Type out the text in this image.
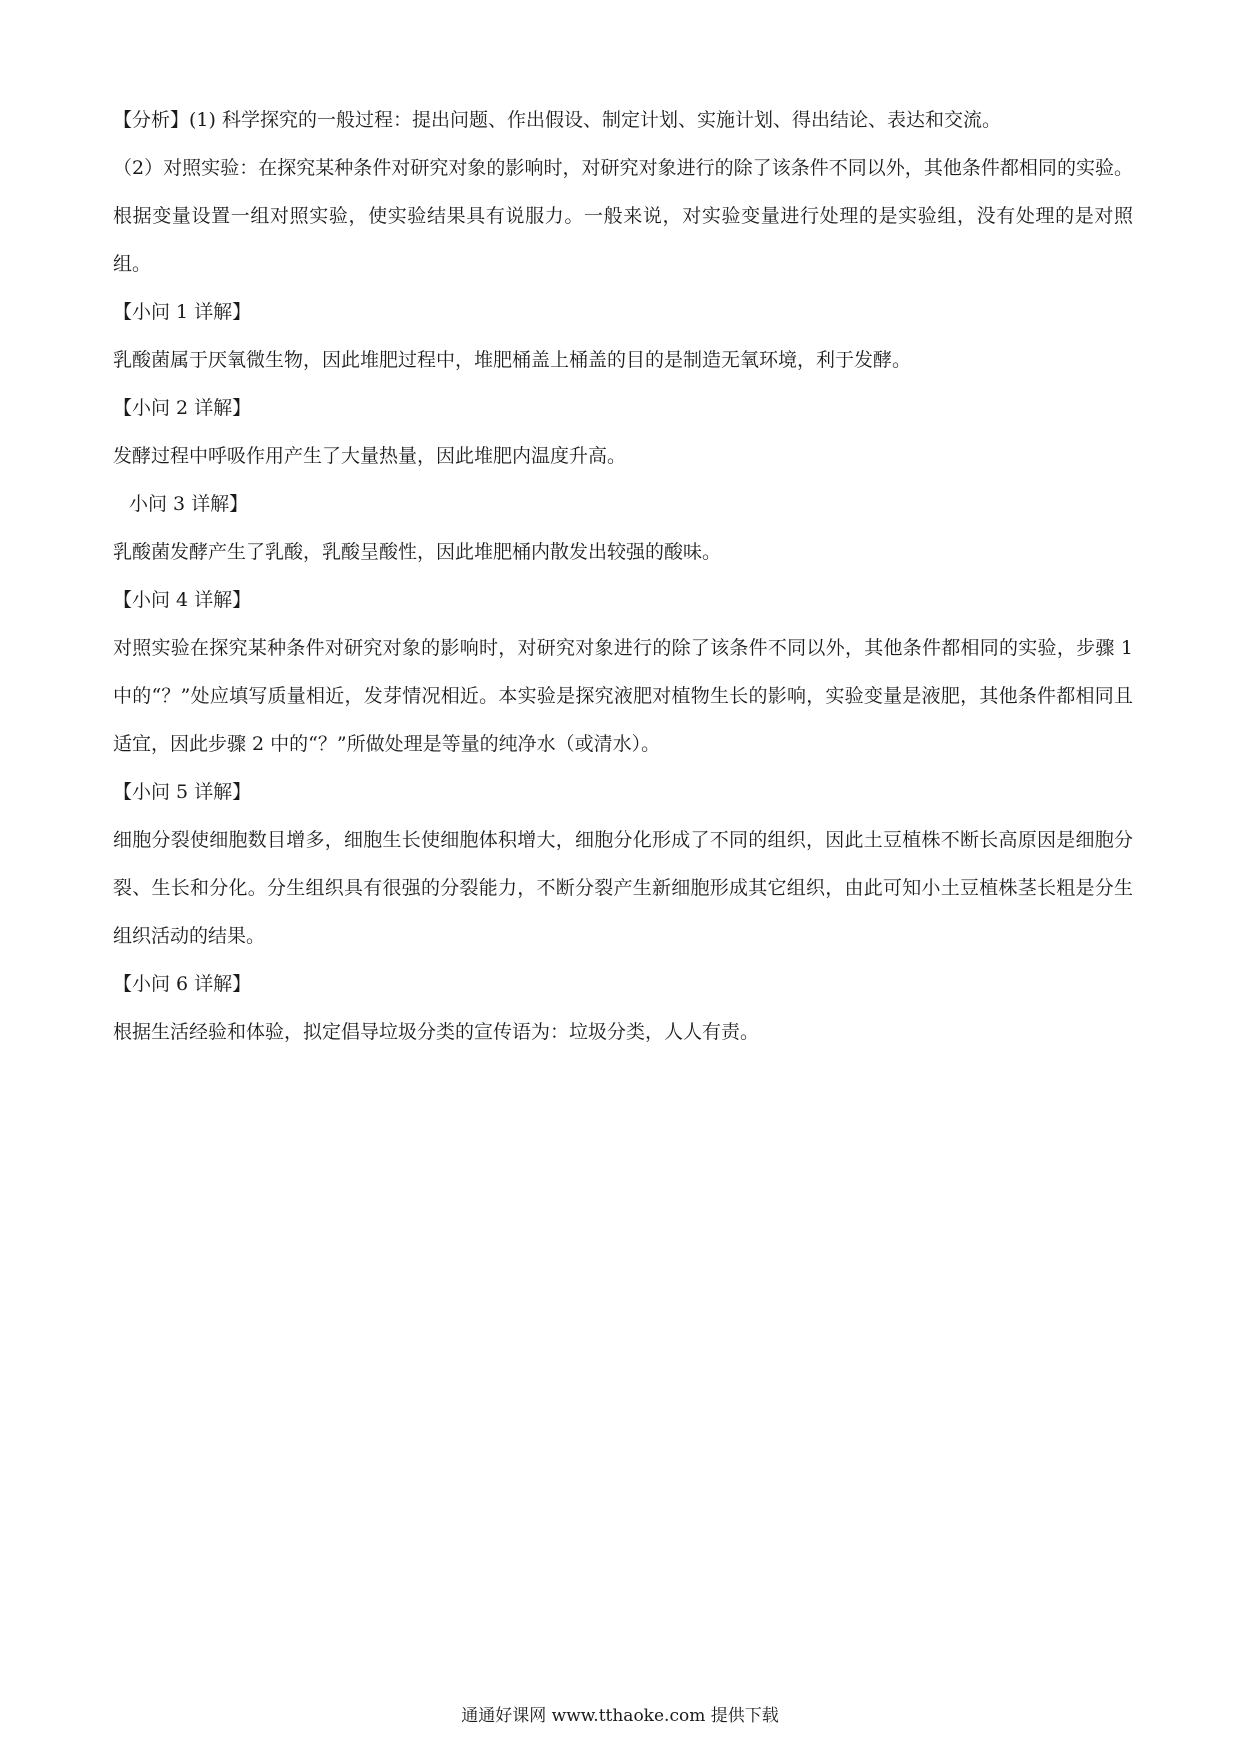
【分析】(1) 科学探究的一般过程：提出问题、作出假设、制定计划、实施计划、得出结论、表达和交流。

（2）对照实验：在探究某种条件对研究对象的影响时，对研究对象进行的除了该条件不同以外，其他条件都相同的实验。根据变量设置一组对照实验，使实验结果具有说服力。一般来说，对实验变量进行处理的是实验组，没有处理的是对照组。

【小问 1 详解】

乳酸菌属于厌氧微生物，因此堆肥过程中，堆肥桶盖上桶盖的目的是制造无氧环境，利于发酵。

【小问 2 详解】

发酵过程中呼吸作用产生了大量热量，因此堆肥内温度升高。

小问 3 详解】

乳酸菌发酵产生了乳酸，乳酸呈酸性，因此堆肥桶内散发出较强的酸味。

【小问 4 详解】

对照实验在探究某种条件对研究对象的影响时，对研究对象进行的除了该条件不同以外，其他条件都相同的实验，步骤 1 中的“？”处应填写质量相近，发芽情况相近。本实验是探究液肥对植物生长的影响，实验变量是液肥，其他条件都相同且适宜，因此步骤 2 中的“？”所做处理是等量的纯净水（或清水）。

【小问 5 详解】

细胞分裂使细胞数目增多，细胞生长使细胞体积增大，细胞分化形成了不同的组织，因此土豆植株不断长高原因是细胞分裂、生长和分化。分生组织具有很强的分裂能力，不断分裂产生新细胞形成其它组织，由此可知小土豆植株茎长粗是分生组织活动的结果。

【小问 6 详解】

根据生活经验和体验，拟定倡导垃圾分类的宣传语为：垃圾分类，人人有责。

通通好课网 www.tthaoke.com 提供下载
